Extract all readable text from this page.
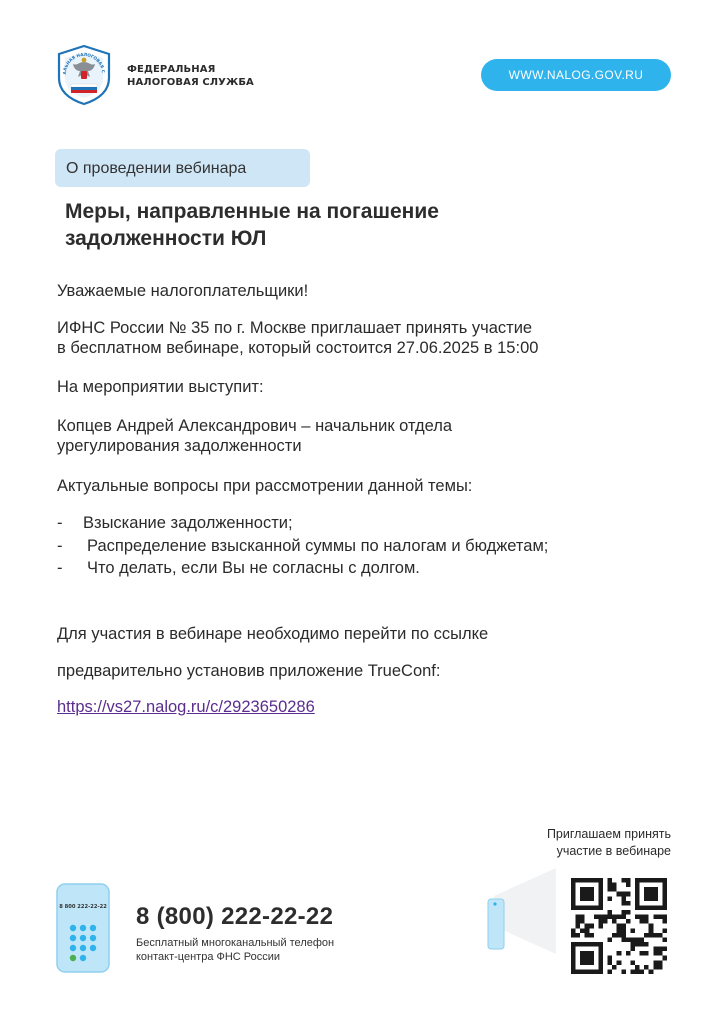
АЛЬНАЯ НАЛОГОВАЯ С ФЕДЕРАЛЬНАЯ
НАЛОГОВАЯ СЛУЖБА
WWW.NALOG.GOV.RU
О проведении вебинара
Меры, направленные на погашение
задолженности ЮЛ
Уважаемые налогоплательщики!
ИФНС России № 35 по г. Москве приглашает принять участие
в бесплатном вебинаре, который состоится 27.06.2025 в 15:00
На мероприятии выступит:
Копцев Андрей Александрович – начальник отдела
урегулирования задолженности
Актуальные вопросы при рассмотрении данной темы:
- Взыскание задолженности;
- Распределение взысканной суммы по налогам и бюджетам;
- Что делать, если Вы не согласны с долгом.
Для участия в вебинаре необходимо перейти по ссылке
предварительно установив приложение TrueConf:
https://vs27.nalog.ru/c/2923650286
Приглашаем принять
участие в вебинаре
8 800 222-22-22 8 (800) 222-22-22
Бесплатный многоканальный телефон
контакт-центра ФНС России
